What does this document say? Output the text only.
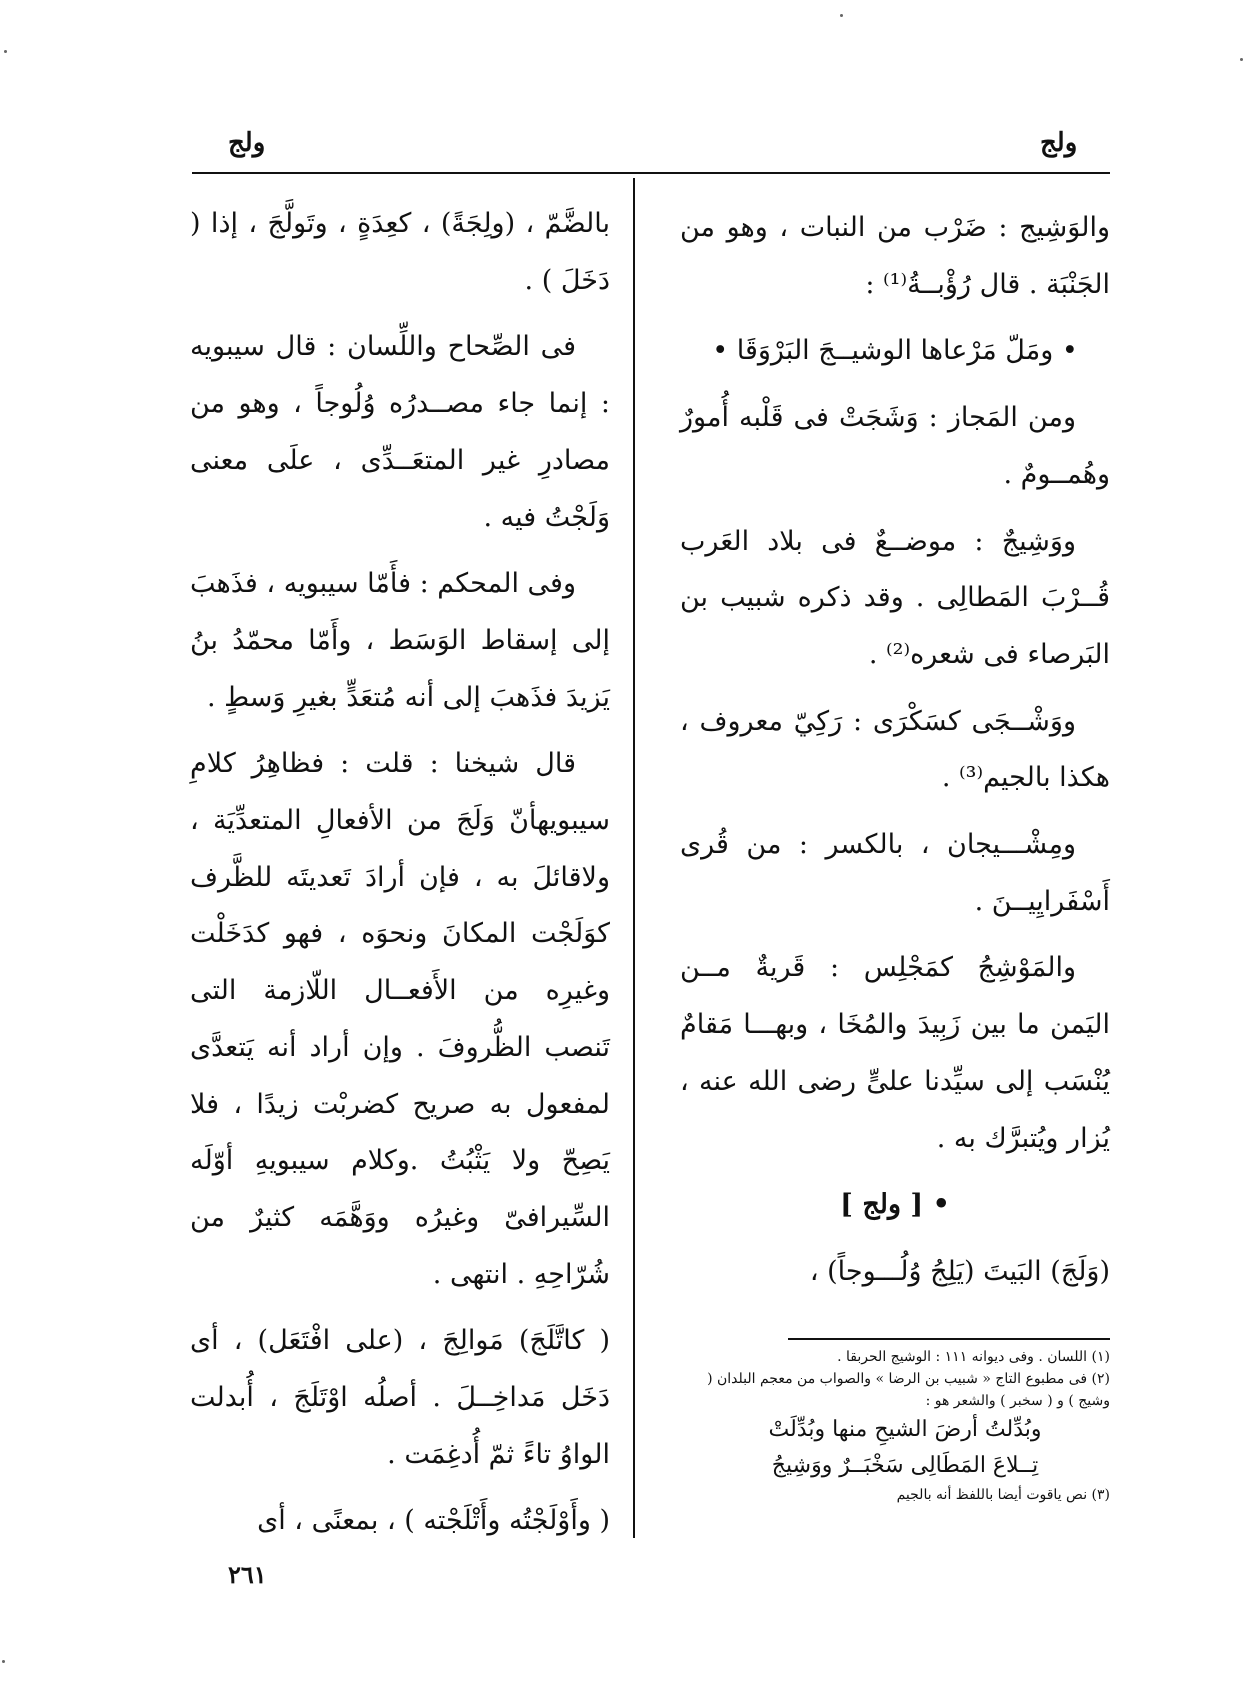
ولج	ولج

والوَشِيج : ضَرْب من النبات ، وهو من الجَنْبَة . قال رُؤْبــةُ⁽¹⁾ :

• ومَلّ مَرْعاها الوشيــجَ البَرْوَقَا •

ومن المَجاز : وَشَجَتْ فى قَلْبه أُمورٌ وهُمــومٌ .

ووَشِيجٌ : موضــعٌ فى بلاد العَرب قُــرْبَ المَطالِى . وقد ذكره شبيب بن البَرصاء فى شعره⁽²⁾ .

ووَشْــجَى كسَكْرَى : رَكِيّ معروف ، هكذا بالجيم⁽³⁾ .

ومِشْـــيجان ، بالكسر : من قُرى أَسْفَرايِيــنَ .

والمَوْشِجُ كمَجْلِس : قَريةٌ مــن اليَمن ما بين زَبِيدَ والمُخَا ، وبهـــا مَقامٌ يُنْسَب إلى سيِّدنا علىٍّ رضى الله عنه ، يُزار ويُتبرَّك به .

• [ ولج ]

(وَلَجَ) البَيتَ (يَلِجُ وُلُـــوجاً) ،

بالضَّمّ ، (ولِجَةً) ، كعِدَةٍ ، وتَولَّجَ ، إذا ( دَخَلَ ) .

فى الصِّحاح واللِّسان : قال سيبويه : إنما جاء مصــدرُه وُلُوجاً ، وهو من مصادرِ غير المتعَــدِّى ، علَى معنى وَلَجْتُ فيه .

وفى المحكم : فأَمّا سيبويه ، فذَهبَ إلى إسقاط الوَسَط ، وأَمّا محمّدُ بنُ يَزيدَ فذَهبَ إلى أنه مُتعَدٍّ بغيرِ وَسطٍ .

قال شيخنا : قلت : فظاهِرُ كلامِ سيبويهأنّ وَلَجَ من الأفعالِ المتعدِّيَة ، ولاقائلَ به ، فإن أرادَ تَعديتَه للظَّرف كوَلَجْت المكانَ ونحوَه ، فهو كدَخَلْت وغيرِه من الأَفعــال اللّازمة التى تَنصب الظُّروفَ . وإن أراد أنه يَتعدَّى لمفعول به صريح كضربْت زيدًا ، فلا يَصِحّ ولا يَثْبُتُ .وكلام سيبويهِ أوّلَه السِّيرافىّ وغيرُه ووَهَّمَه كثيرٌ من شُرّاحِهِ . انتهى .

( كاتَّلَجَ) مَوالِجَ ، (على افْتَعَل) ، أى دَخَل مَداخِــلَ . أصلُه اوْتَلَجَ ، أُبدلت الواوُ تاءً ثمّ أُدغِمَت .

( وأَوْلَجْتُه وأَتْلَجْته ) ، بمعنًى ، أى

(١) اللسان . وفى ديوانه ١١١ : الوشيج الحربقا .
(٢) فى مطبوع التاج « شبيب بن الرضا » والصواب من معجم البلدان ( وشيج ) و ( سخبر ) والشعر هو :
وبُدِّلتُ أرضَ الشيحِ منها وبُدِّلَتْ
تِــلاعَ المَطَالِى سَخْبَــرٌ ووَشِيجُ
(٣) نص ياقوت أيضا باللفظ أنه بالجيم
٢٦١
